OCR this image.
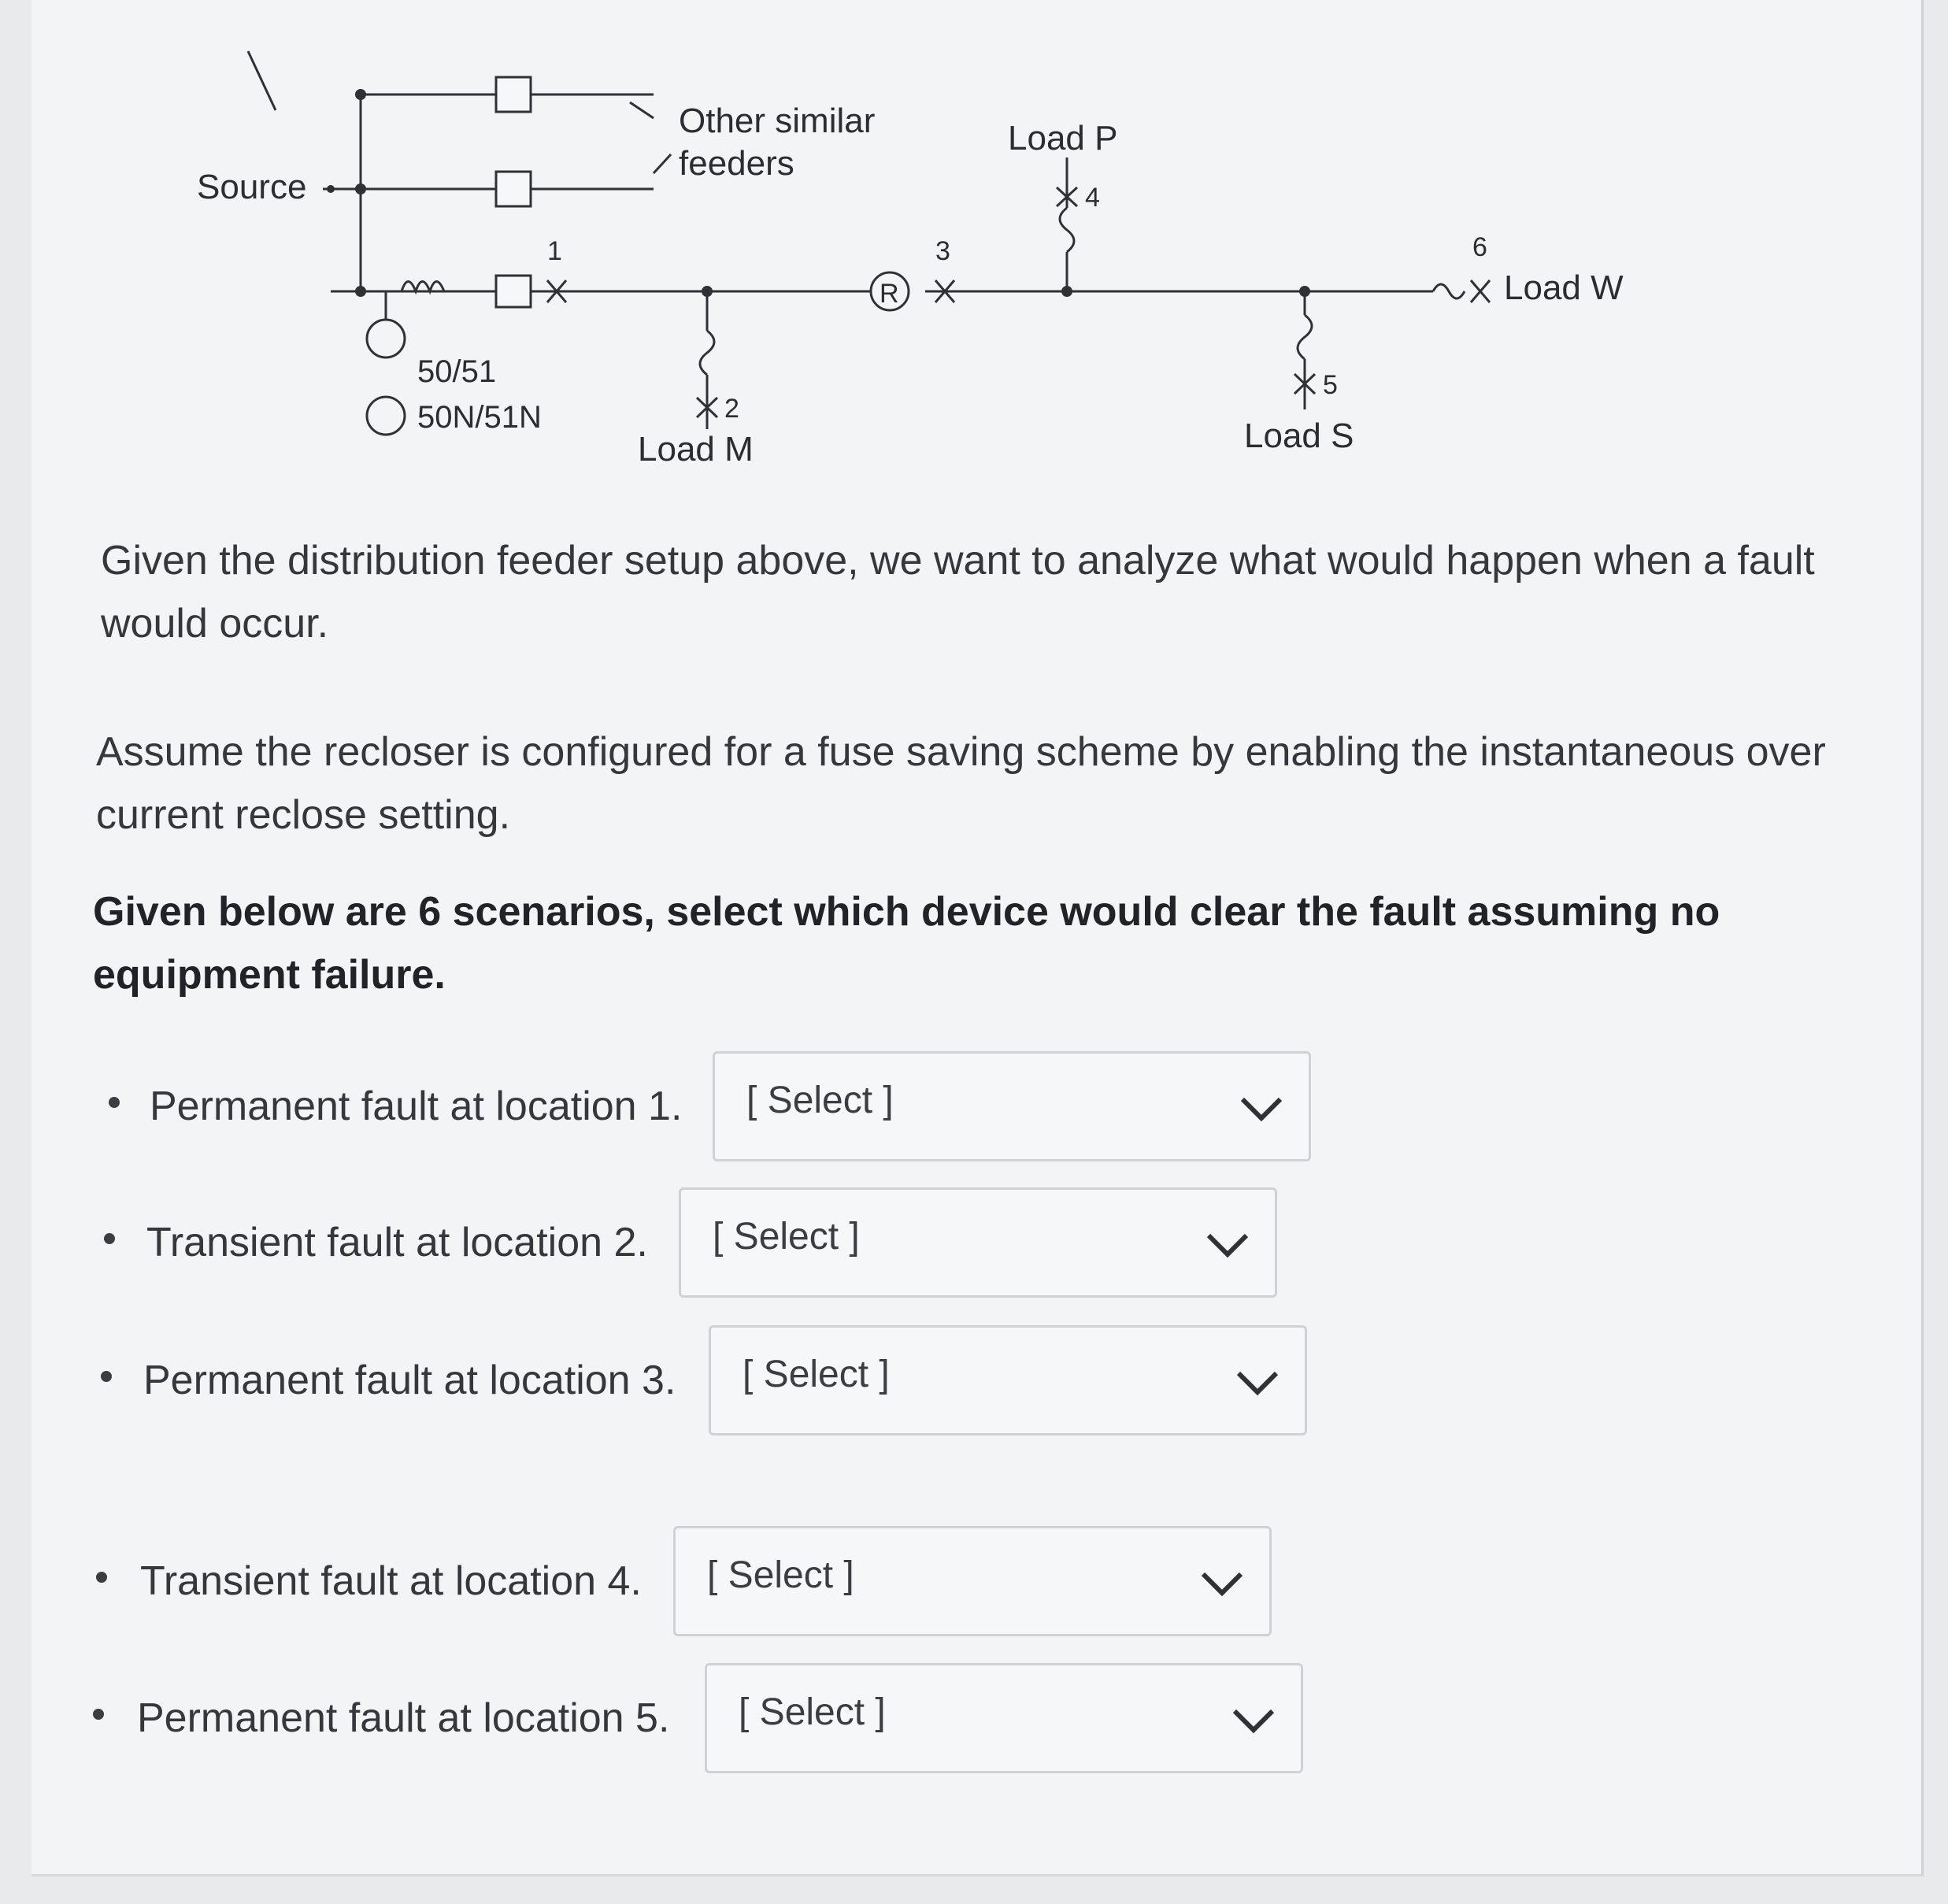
Source
Other similar
feeders
50/51
50N/51N
R
Load M
Load P
Load S
Load W
1
2
3
4
5
6
Given the distribution feeder setup above, we want to analyze what would happen when a fault would occur.
Assume the recloser is configured for a fuse saving scheme by enabling the instantaneous over current reclose setting.
Given below are 6 scenarios, select which device would clear the fault assuming no equipment failure.
Permanent fault at location 1. [ Select ]
Transient fault at location 2. [ Select ]
Permanent fault at location 3. [ Select ]
Transient fault at location 4. [ Select ]
Permanent fault at location 5. [ Select ]
